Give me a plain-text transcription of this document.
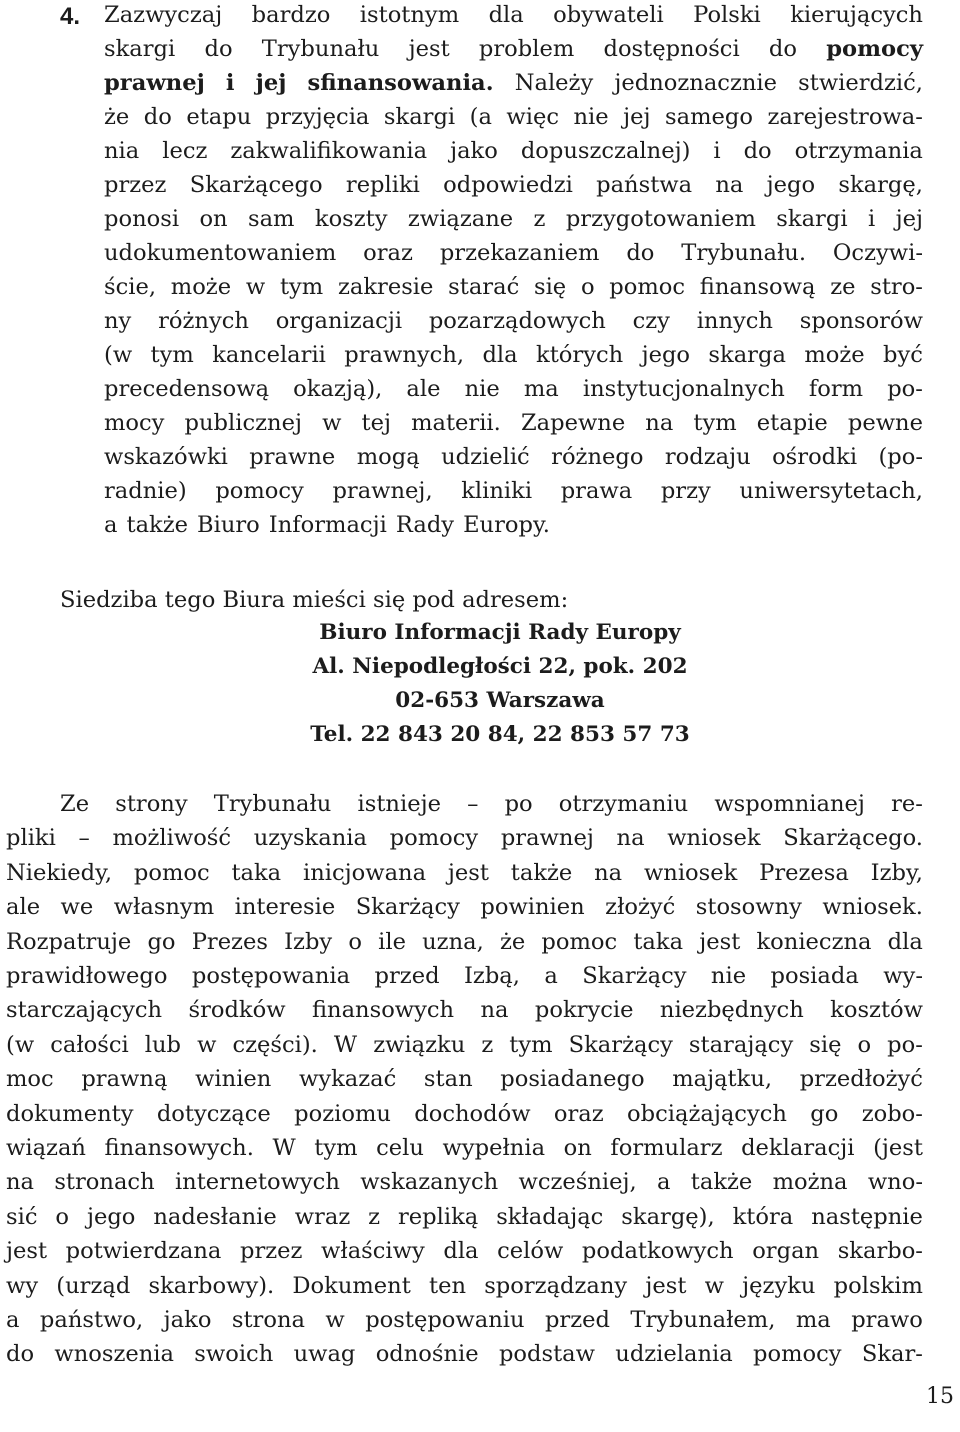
4. Zazwyczaj bardzo istotnym dla obywateli Polski kierujących
skargi do Trybunału jest problem dostępności do pomocy
prawnej i jej sfinansowania. Należy jednoznacznie stwierdzić,
że do etapu przyjęcia skargi (a więc nie jej samego zarejestrowa-
nia lecz zakwalifikowania jako dopuszczalnej) i do otrzymania
przez Skarżącego repliki odpowiedzi państwa na jego skargę,
ponosi on sam koszty związane z przygotowaniem skargi i jej
udokumentowaniem oraz przekazaniem do Trybunału. Oczywi-
ście, może w tym zakresie starać się o pomoc finansową ze stro-
ny różnych organizacji pozarządowych czy innych sponsorów
(w tym kancelarii prawnych, dla których jego skarga może być
precedensową okazją), ale nie ma instytucjonalnych form po-
mocy publicznej w tej materii. Zapewne na tym etapie pewne
wskazówki prawne mogą udzielić różnego rodzaju ośrodki (po-
radnie) pomocy prawnej, kliniki prawa przy uniwersytetach,
a także Biuro Informacji Rady Europy.
Siedziba tego Biura mieści się pod adresem:
Biuro Informacji Rady Europy
Al. Niepodległości 22, pok. 202
02-653 Warszawa
Tel. 22 843 20 84, 22 853 57 73
Ze strony Trybunału istnieje – po otrzymaniu wspomnianej re-
pliki – możliwość uzyskania pomocy prawnej na wniosek Skarżącego.
Niekiedy, pomoc taka inicjowana jest także na wniosek Prezesa Izby,
ale we własnym interesie Skarżący powinien złożyć stosowny wniosek.
Rozpatruje go Prezes Izby o ile uzna, że pomoc taka jest konieczna dla
prawidłowego postępowania przed Izbą, a Skarżący nie posiada wy-
starczających środków finansowych na pokrycie niezbędnych kosztów
(w całości lub w części). W związku z tym Skarżący starający się o po-
moc prawną winien wykazać stan posiadanego majątku, przedłożyć
dokumenty dotyczące poziomu dochodów oraz obciążających go zobo-
wiązań finansowych. W tym celu wypełnia on formularz deklaracji (jest
na stronach internetowych wskazanych wcześniej, a także można wno-
sić o jego nadesłanie wraz z repliką składając skargę), która następnie
jest potwierdzana przez właściwy dla celów podatkowych organ skarbo-
wy (urząd skarbowy). Dokument ten sporządzany jest w języku polskim
a państwo, jako strona w postępowaniu przed Trybunałem, ma prawo
do wnoszenia swoich uwag odnośnie podstaw udzielania pomocy Skar-
15
